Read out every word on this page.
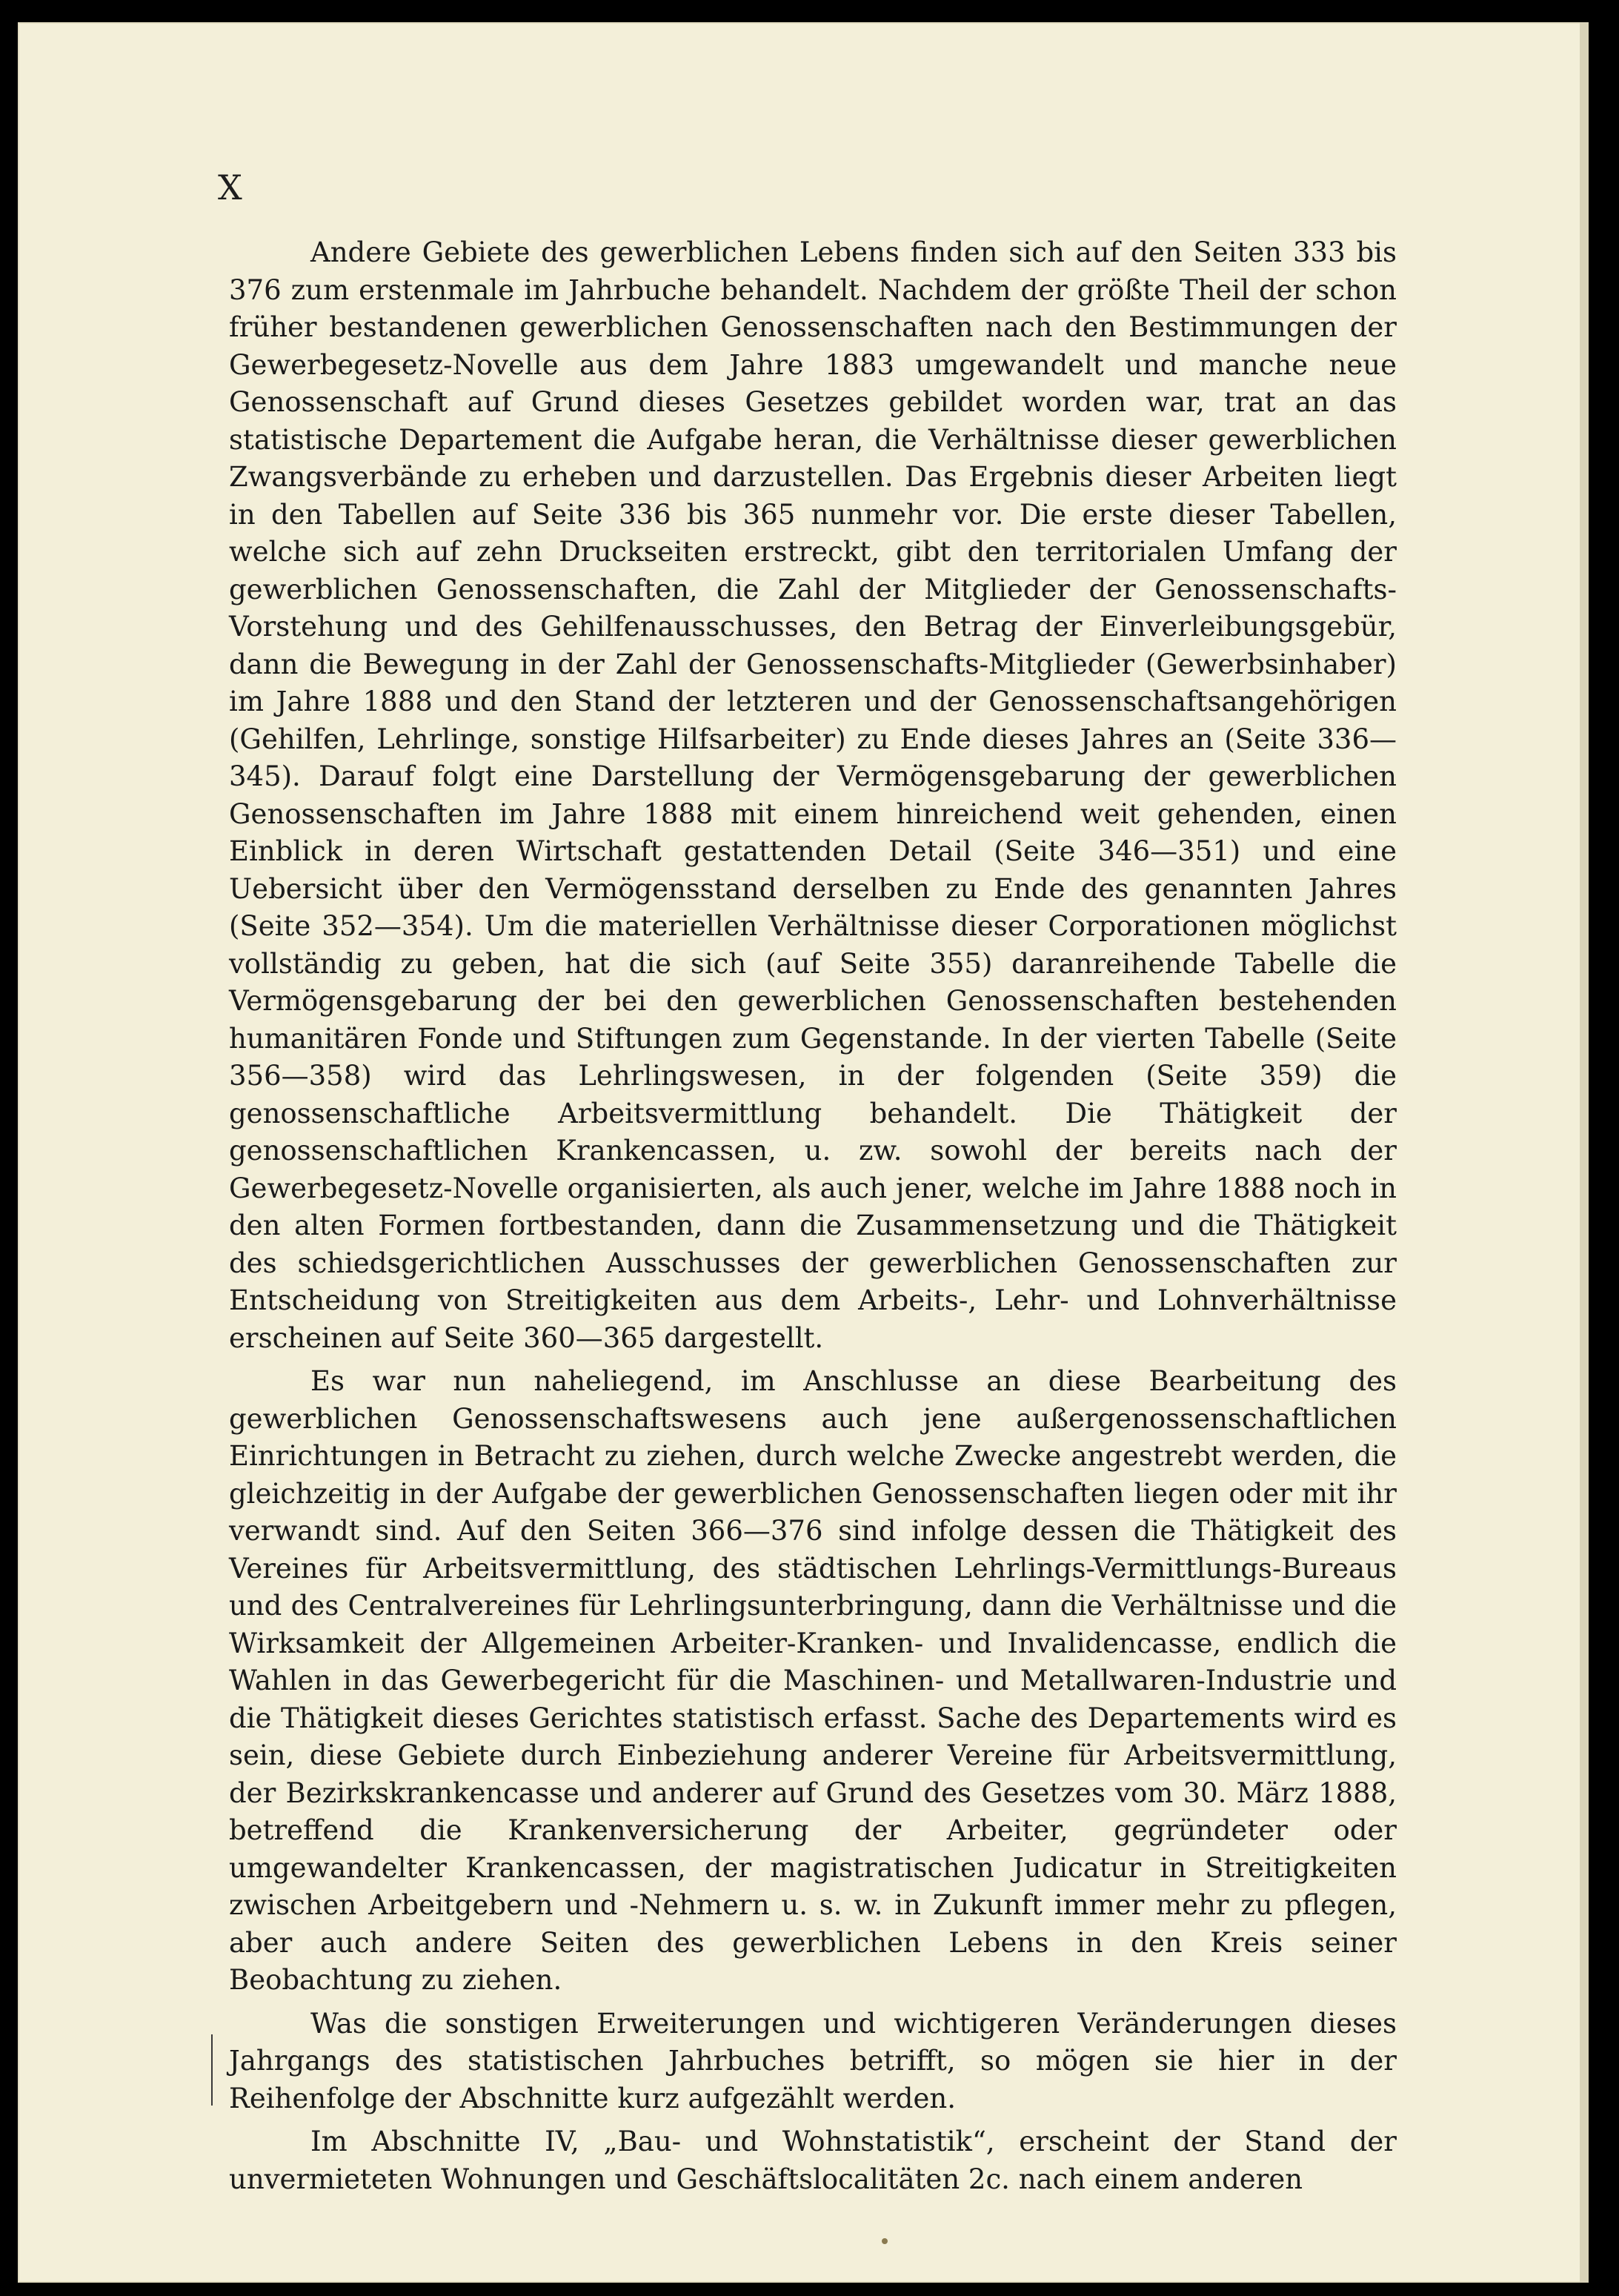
X

Andere Gebiete des gewerblichen Lebens finden sich auf den Seiten 333 bis 376 zum erstenmale im Jahrbuche behandelt. Nachdem der größte Theil der schon früher bestandenen gewerblichen Genossenschaften nach den Bestimmungen der Gewerbegesetz-Novelle aus dem Jahre 1883 umgewandelt und manche neue Genossenschaft auf Grund dieses Gesetzes gebildet worden war, trat an das statistische Departement die Aufgabe heran, die Verhältnisse dieser gewerblichen Zwangsverbände zu erheben und darzustellen. Das Ergebnis dieser Arbeiten liegt in den Tabellen auf Seite 336 bis 365 nunmehr vor. Die erste dieser Tabellen, welche sich auf zehn Druckseiten erstreckt, gibt den territorialen Umfang der gewerblichen Genossenschaften, die Zahl der Mitglieder der Genossenschafts-Vorstehung und des Gehilfenausschusses, den Betrag der Einverleibungsgebür, dann die Bewegung in der Zahl der Genossenschafts-Mitglieder (Gewerbsinhaber) im Jahre 1888 und den Stand der letzteren und der Genossenschaftsangehörigen (Gehilfen, Lehrlinge, sonstige Hilfsarbeiter) zu Ende dieses Jahres an (Seite 336—345). Darauf folgt eine Darstellung der Vermögensgebarung der gewerblichen Genossenschaften im Jahre 1888 mit einem hinreichend weit gehenden, einen Einblick in deren Wirtschaft gestattenden Detail (Seite 346—351) und eine Uebersicht über den Vermögensstand derselben zu Ende des genannten Jahres (Seite 352—354). Um die materiellen Verhältnisse dieser Corporationen möglichst vollständig zu geben, hat die sich (auf Seite 355) daranreihende Tabelle die Vermögensgebarung der bei den gewerblichen Genossenschaften bestehenden humanitären Fonde und Stiftungen zum Gegenstande. In der vierten Tabelle (Seite 356—358) wird das Lehrlingswesen, in der folgenden (Seite 359) die genossenschaftliche Arbeitsvermittlung behandelt. Die Thätigkeit der genossenschaftlichen Krankencassen, u. zw. sowohl der bereits nach der Gewerbegesetz-Novelle organisierten, als auch jener, welche im Jahre 1888 noch in den alten Formen fortbestanden, dann die Zusammensetzung und die Thätigkeit des schiedsgerichtlichen Ausschusses der gewerblichen Genossenschaften zur Entscheidung von Streitigkeiten aus dem Arbeits-, Lehr- und Lohnverhältnisse erscheinen auf Seite 360—365 dargestellt.

Es war nun naheliegend, im Anschlusse an diese Bearbeitung des gewerblichen Genossenschaftswesens auch jene außergenossenschaftlichen Einrichtungen in Betracht zu ziehen, durch welche Zwecke angestrebt werden, die gleichzeitig in der Aufgabe der gewerblichen Genossenschaften liegen oder mit ihr verwandt sind. Auf den Seiten 366—376 sind infolge dessen die Thätigkeit des Vereines für Arbeitsvermittlung, des städtischen Lehrlings-Vermittlungs-Bureaus und des Centralvereines für Lehrlingsunterbringung, dann die Verhältnisse und die Wirksamkeit der Allgemeinen Arbeiter-Kranken- und Invalidencasse, endlich die Wahlen in das Gewerbegericht für die Maschinen- und Metallwaren-Industrie und die Thätigkeit dieses Gerichtes statistisch erfasst. Sache des Departements wird es sein, diese Gebiete durch Einbeziehung anderer Vereine für Arbeitsvermittlung, der Bezirkskrankencasse und anderer auf Grund des Gesetzes vom 30. März 1888, betreffend die Krankenversicherung der Arbeiter, gegründeter oder umgewandelter Krankencassen, der magistratischen Judicatur in Streitigkeiten zwischen Arbeitgebern und -Nehmern u. s. w. in Zukunft immer mehr zu pflegen, aber auch andere Seiten des gewerblichen Lebens in den Kreis seiner Beobachtung zu ziehen.

Was die sonstigen Erweiterungen und wichtigeren Veränderungen dieses Jahrgangs des statistischen Jahrbuches betrifft, so mögen sie hier in der Reihenfolge der Abschnitte kurz aufgezählt werden.

Im Abschnitte IV, „Bau- und Wohnstatistik“, erscheint der Stand der unvermieteten Wohnungen und Geschäftslocalitäten 2c. nach einem anderen
